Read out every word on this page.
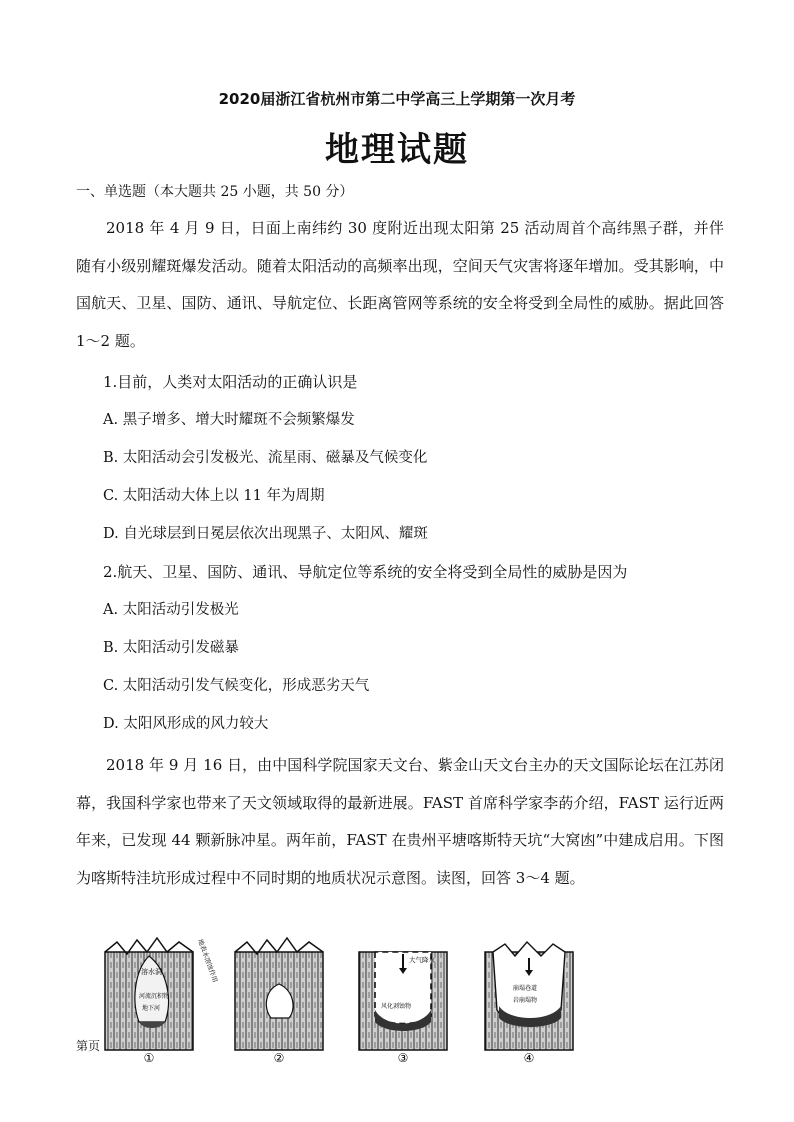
2020届浙江省杭州市第二中学高三上学期第一次月考
地理试题
一、单选题（本大题共 25 小题，共 50 分）
2018 年 4 月 9 日，日面上南纬约 30 度附近出现太阳第 25 活动周首个高纬黑子群，并伴随有小级别耀斑爆发活动。随着太阳活动的高频率出现，空间天气灾害将逐年增加。受其影响，中国航天、卫星、国防、通讯、导航定位、长距离管网等系统的安全将受到全局性的威胁。据此回答 1～2 题。
1.目前，人类对太阳活动的正确认识是
A. 黑子增多、增大时耀斑不会频繁爆发
B. 太阳活动会引发极光、流星雨、磁暴及气候变化
C. 太阳活动大体上以 11 年为周期
D. 自光球层到日冕层依次出现黑子、太阳风、耀斑
2.航天、卫星、国防、通讯、导航定位等系统的安全将受到全局性的威胁是因为
A. 太阳活动引发极光
B. 太阳活动引发磁暴
C. 太阳活动引发气候变化，形成恶劣天气
D. 太阳风形成的风力较大
2018 年 9 月 16 日，由中国科学院国家天文台、紫金山天文台主办的天文国际论坛在江苏闭幕，我国科学家也带来了天文领域取得的最新进展。FAST 首席科学家李菂介绍，FAST 运行近两年来，已发现 44 颗新脉冲星。两年前，FAST 在贵州平塘喀斯特天坑“大窝凼”中建成启用。下图为喀斯特洼坑形成过程中不同时期的地质状况示意图。读图，回答 3～4 题。
溶水洞
河流沉积物
地下河
地表水溶蚀作用	大气降水
风化剥蚀物
崩塌巷道
岩崩塌物
①	②	③	④
第页
